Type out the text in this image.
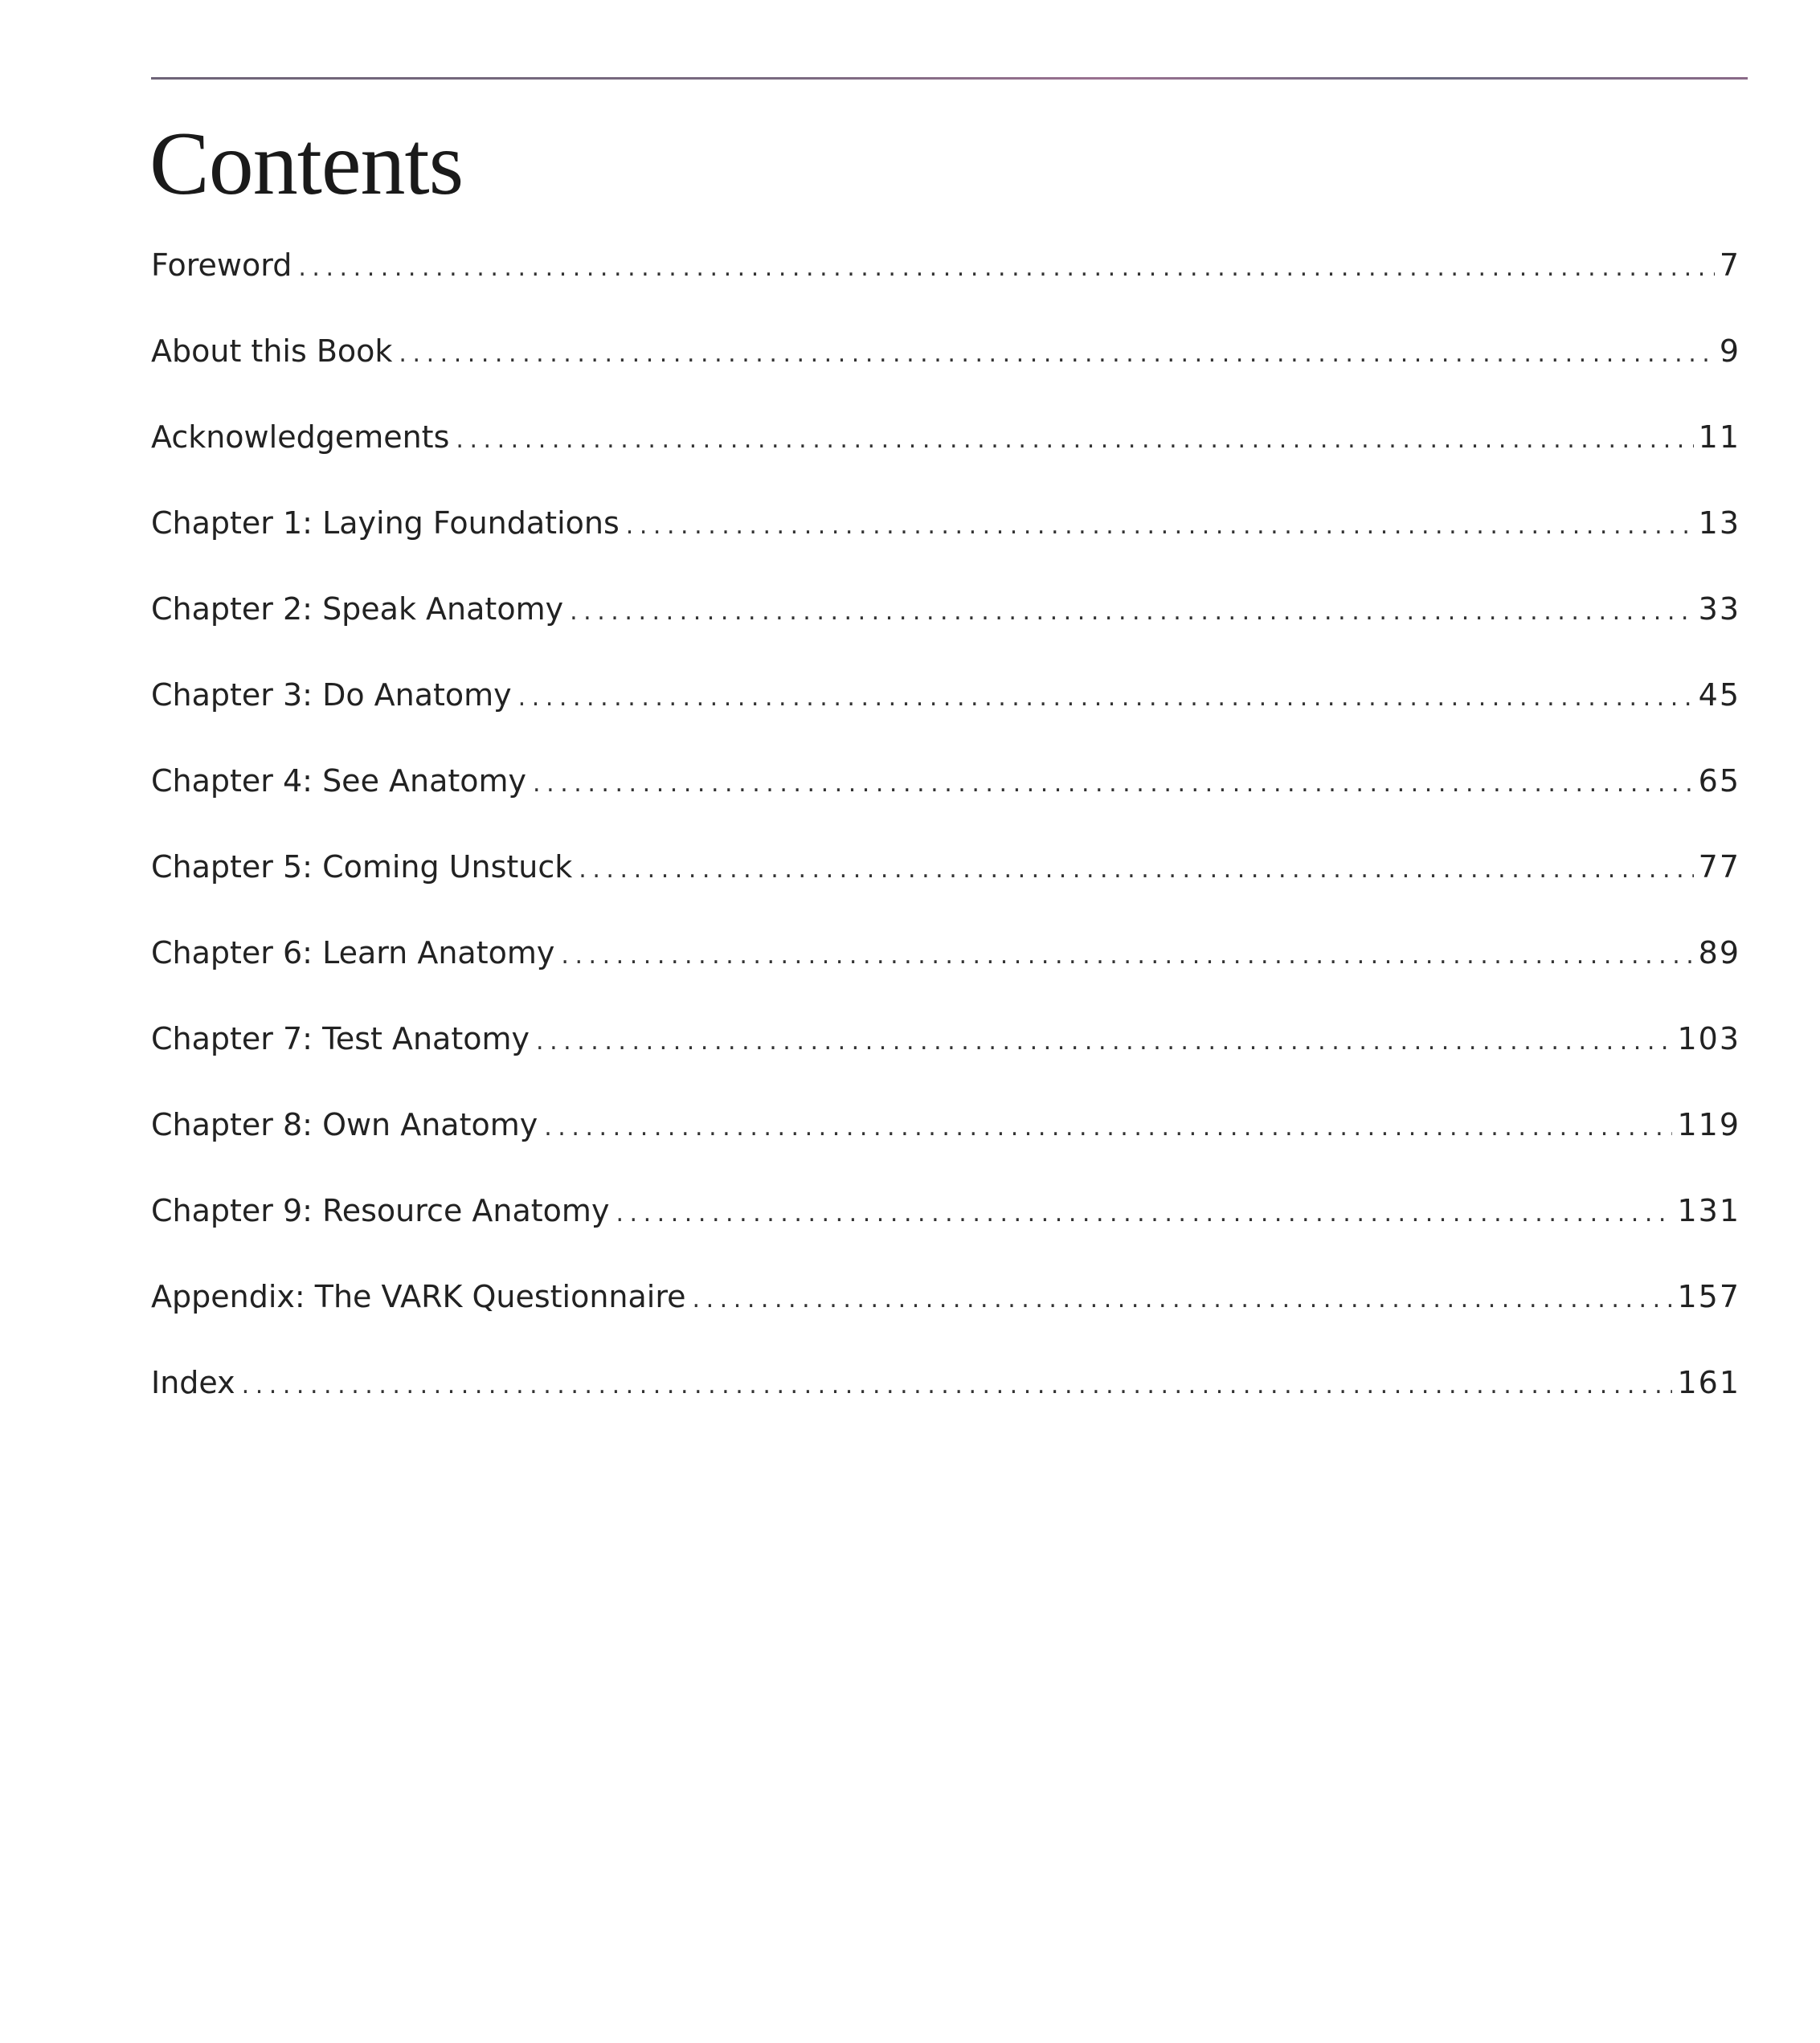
Contents
Foreword . . .	7
About this Book . . .	9
Acknowledgements . . .	11
Chapter 1: Laying Foundations . . .	13
Chapter 2: Speak Anatomy . . .	33
Chapter 3: Do Anatomy . . .	45
Chapter 4: See Anatomy . . .	65
Chapter 5: Coming Unstuck . . .	77
Chapter 6: Learn Anatomy . . .	89
Chapter 7: Test Anatomy . . .	103
Chapter 8: Own Anatomy . . .	119
Chapter 9: Resource Anatomy . . .	131
Appendix: The VARK Questionnaire . . .	157
Index . . .	161
